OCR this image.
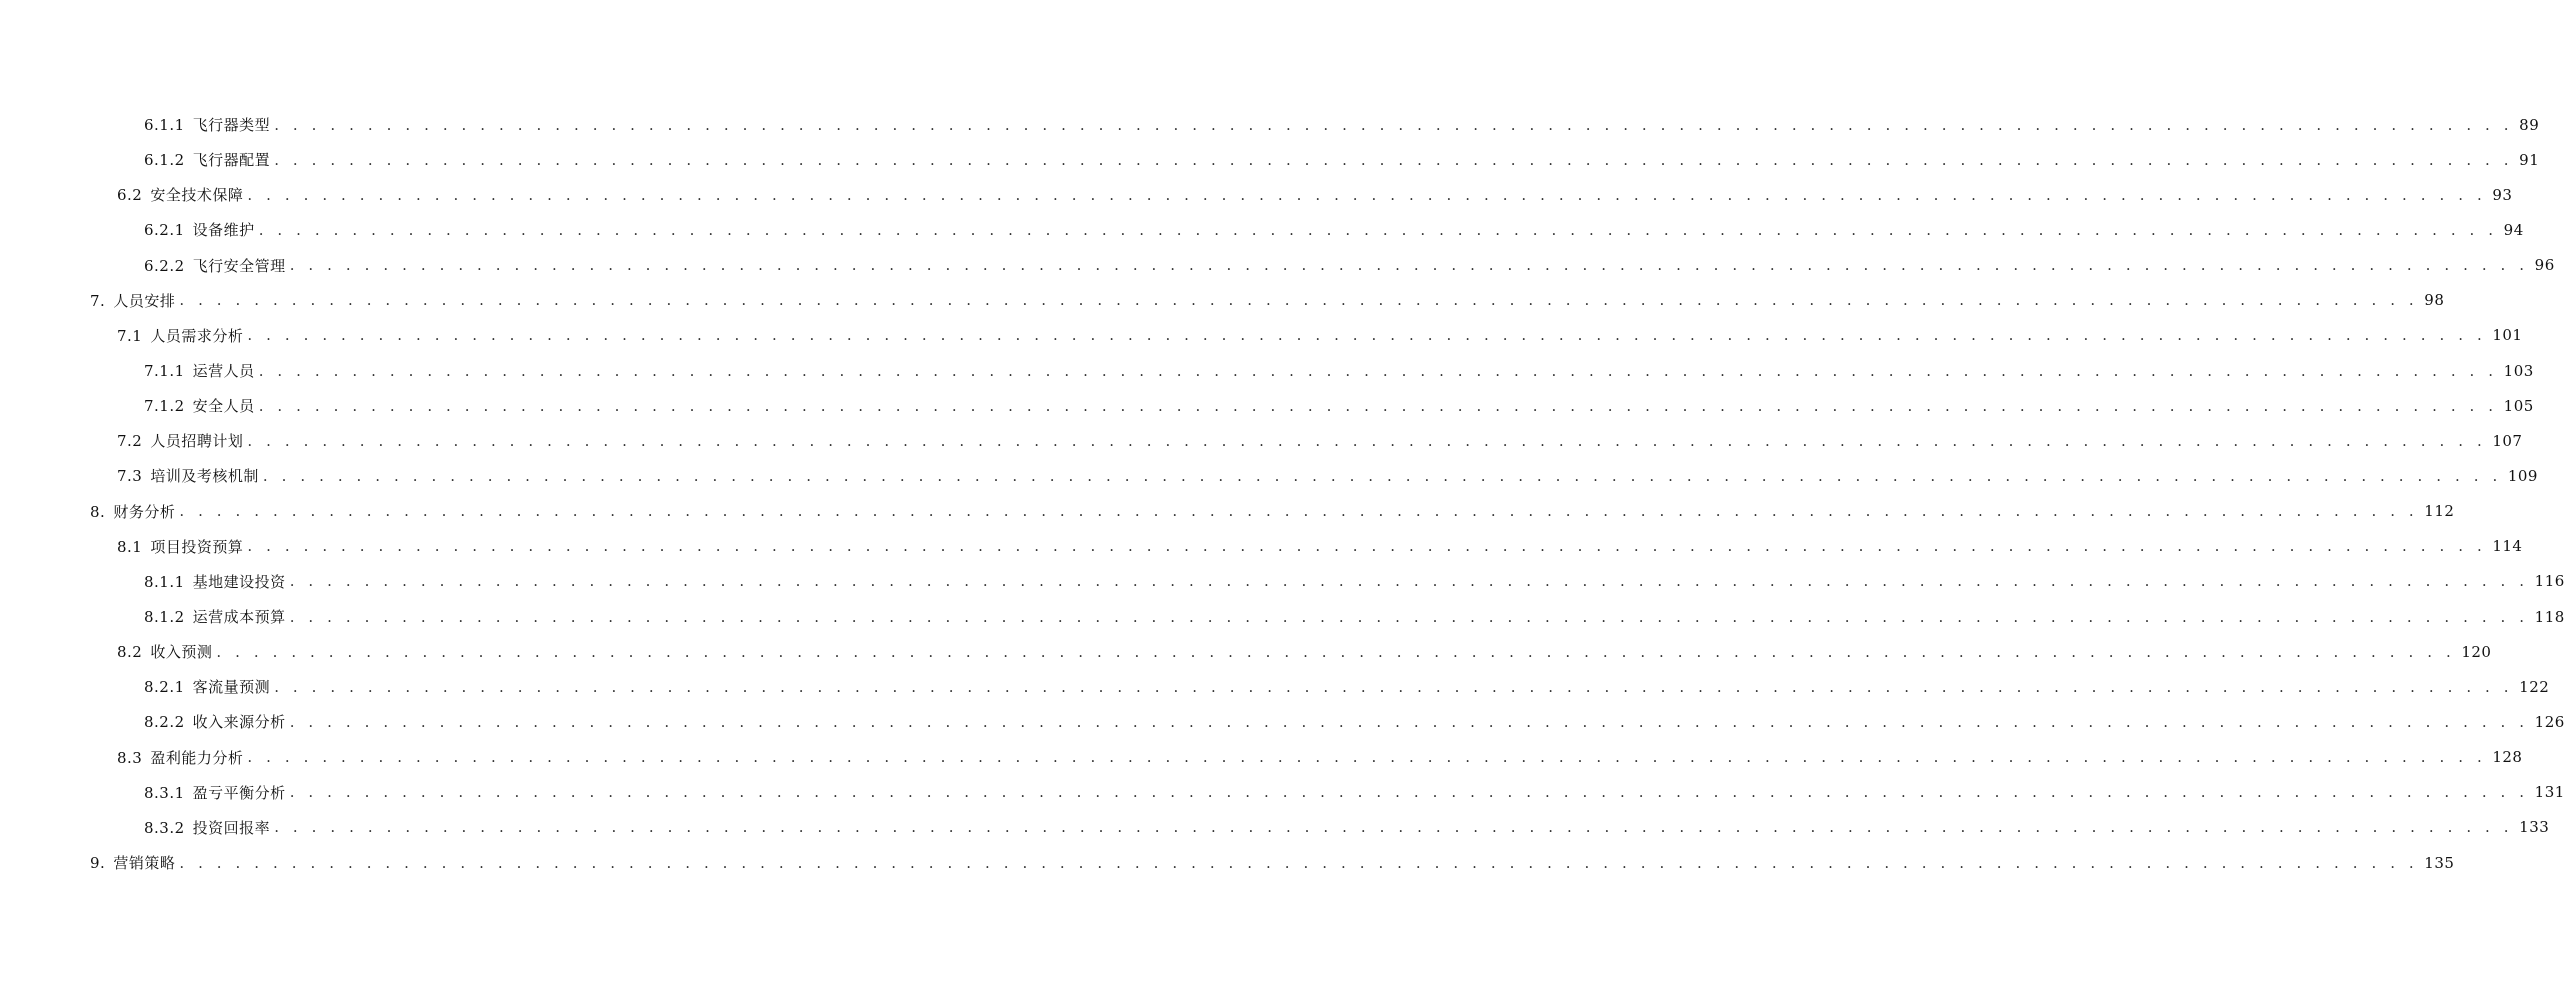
6.1.1 飞行器类型 . . . . . . . . . . . . . . . . . . . . . . . . . . . . . . . . . . . . . . . . . . . . . . . . . . . . . . . . . . . . . . . . . . . . . . . . . . . . . . . . . . . . . . . . . . . . . . . . . . . . . . . . . . . . . . . . . . . . . . . . 89
6.1.2 飞行器配置 . . . . . . . . . . . . . . . . . . . . . . . . . . . . . . . . . . . . . . . . . . . . . . . . . . . . . . . . . . . . . . . . . . . . . . . . . . . . . . . . . . . . . . . . . . . . . . . . . . . . . . . . . . . . . . . . . . . . . . . . 91
6.2 安全技术保障 . . . . . . . . . . . . . . . . . . . . . . . . . . . . . . . . . . . . . . . . . . . . . . . . . . . . . . . . . . . . . . . . . . . . . . . . . . . . . . . . . . . . . . . . . . . . . . . . . . . . . . . . . . . . . . . . . . . . . . . . 93
6.2.1 设备维护 . . . . . . . . . . . . . . . . . . . . . . . . . . . . . . . . . . . . . . . . . . . . . . . . . . . . . . . . . . . . . . . . . . . . . . . . . . . . . . . . . . . . . . . . . . . . . . . . . . . . . . . . . . . . . . . . . . . . . . . . 94
6.2.2 飞行安全管理 . . . . . . . . . . . . . . . . . . . . . . . . . . . . . . . . . . . . . . . . . . . . . . . . . . . . . . . . . . . . . . . . . . . . . . . . . . . . . . . . . . . . . . . . . . . . . . . . . . . . . . . . . . . . . . . . . . . . . . . . 96
7. 人员安排 . . . . . . . . . . . . . . . . . . . . . . . . . . . . . . . . . . . . . . . . . . . . . . . . . . . . . . . . . . . . . . . . . . . . . . . . . . . . . . . . . . . . . . . . . . . . . . . . . . . . . . . . . . . . . . . . . . . . . . . . 98
7.1 人员需求分析 . . . . . . . . . . . . . . . . . . . . . . . . . . . . . . . . . . . . . . . . . . . . . . . . . . . . . . . . . . . . . . . . . . . . . . . . . . . . . . . . . . . . . . . . . . . . . . . . . . . . . . . . . . . . . . . . . . . . . . . . 101
7.1.1 运营人员 . . . . . . . . . . . . . . . . . . . . . . . . . . . . . . . . . . . . . . . . . . . . . . . . . . . . . . . . . . . . . . . . . . . . . . . . . . . . . . . . . . . . . . . . . . . . . . . . . . . . . . . . . . . . . . . . . . . . . . . . 103
7.1.2 安全人员 . . . . . . . . . . . . . . . . . . . . . . . . . . . . . . . . . . . . . . . . . . . . . . . . . . . . . . . . . . . . . . . . . . . . . . . . . . . . . . . . . . . . . . . . . . . . . . . . . . . . . . . . . . . . . . . . . . . . . . . . 105
7.2 人员招聘计划 . . . . . . . . . . . . . . . . . . . . . . . . . . . . . . . . . . . . . . . . . . . . . . . . . . . . . . . . . . . . . . . . . . . . . . . . . . . . . . . . . . . . . . . . . . . . . . . . . . . . . . . . . . . . . . . . . . . . . . . . 107
7.3 培训及考核机制 . . . . . . . . . . . . . . . . . . . . . . . . . . . . . . . . . . . . . . . . . . . . . . . . . . . . . . . . . . . . . . . . . . . . . . . . . . . . . . . . . . . . . . . . . . . . . . . . . . . . . . . . . . . . . . . . . . . . . . . . 109
8. 财务分析 . . . . . . . . . . . . . . . . . . . . . . . . . . . . . . . . . . . . . . . . . . . . . . . . . . . . . . . . . . . . . . . . . . . . . . . . . . . . . . . . . . . . . . . . . . . . . . . . . . . . . . . . . . . . . . . . . . . . . . . . 112
8.1 项目投资预算 . . . . . . . . . . . . . . . . . . . . . . . . . . . . . . . . . . . . . . . . . . . . . . . . . . . . . . . . . . . . . . . . . . . . . . . . . . . . . . . . . . . . . . . . . . . . . . . . . . . . . . . . . . . . . . . . . . . . . . . . 114
8.1.1 基地建设投资 . . . . . . . . . . . . . . . . . . . . . . . . . . . . . . . . . . . . . . . . . . . . . . . . . . . . . . . . . . . . . . . . . . . . . . . . . . . . . . . . . . . . . . . . . . . . . . . . . . . . . . . . . . . . . . . . . . . . . . . . 116
8.1.2 运营成本预算 . . . . . . . . . . . . . . . . . . . . . . . . . . . . . . . . . . . . . . . . . . . . . . . . . . . . . . . . . . . . . . . . . . . . . . . . . . . . . . . . . . . . . . . . . . . . . . . . . . . . . . . . . . . . . . . . . . . . . . . . 118
8.2 收入预测 . . . . . . . . . . . . . . . . . . . . . . . . . . . . . . . . . . . . . . . . . . . . . . . . . . . . . . . . . . . . . . . . . . . . . . . . . . . . . . . . . . . . . . . . . . . . . . . . . . . . . . . . . . . . . . . . . . . . . . . . 120
8.2.1 客流量预测 . . . . . . . . . . . . . . . . . . . . . . . . . . . . . . . . . . . . . . . . . . . . . . . . . . . . . . . . . . . . . . . . . . . . . . . . . . . . . . . . . . . . . . . . . . . . . . . . . . . . . . . . . . . . . . . . . . . . . . . . 122
8.2.2 收入来源分析 . . . . . . . . . . . . . . . . . . . . . . . . . . . . . . . . . . . . . . . . . . . . . . . . . . . . . . . . . . . . . . . . . . . . . . . . . . . . . . . . . . . . . . . . . . . . . . . . . . . . . . . . . . . . . . . . . . . . . . . . 126
8.3 盈利能力分析 . . . . . . . . . . . . . . . . . . . . . . . . . . . . . . . . . . . . . . . . . . . . . . . . . . . . . . . . . . . . . . . . . . . . . . . . . . . . . . . . . . . . . . . . . . . . . . . . . . . . . . . . . . . . . . . . . . . . . . . . 128
8.3.1 盈亏平衡分析 . . . . . . . . . . . . . . . . . . . . . . . . . . . . . . . . . . . . . . . . . . . . . . . . . . . . . . . . . . . . . . . . . . . . . . . . . . . . . . . . . . . . . . . . . . . . . . . . . . . . . . . . . . . . . . . . . . . . . . . . 131
8.3.2 投资回报率 . . . . . . . . . . . . . . . . . . . . . . . . . . . . . . . . . . . . . . . . . . . . . . . . . . . . . . . . . . . . . . . . . . . . . . . . . . . . . . . . . . . . . . . . . . . . . . . . . . . . . . . . . . . . . . . . . . . . . . . . 133
9. 营销策略 . . . . . . . . . . . . . . . . . . . . . . . . . . . . . . . . . . . . . . . . . . . . . . . . . . . . . . . . . . . . . . . . . . . . . . . . . . . . . . . . . . . . . . . . . . . . . . . . . . . . . . . . . . . . . . . . . . . . . . . . 135
